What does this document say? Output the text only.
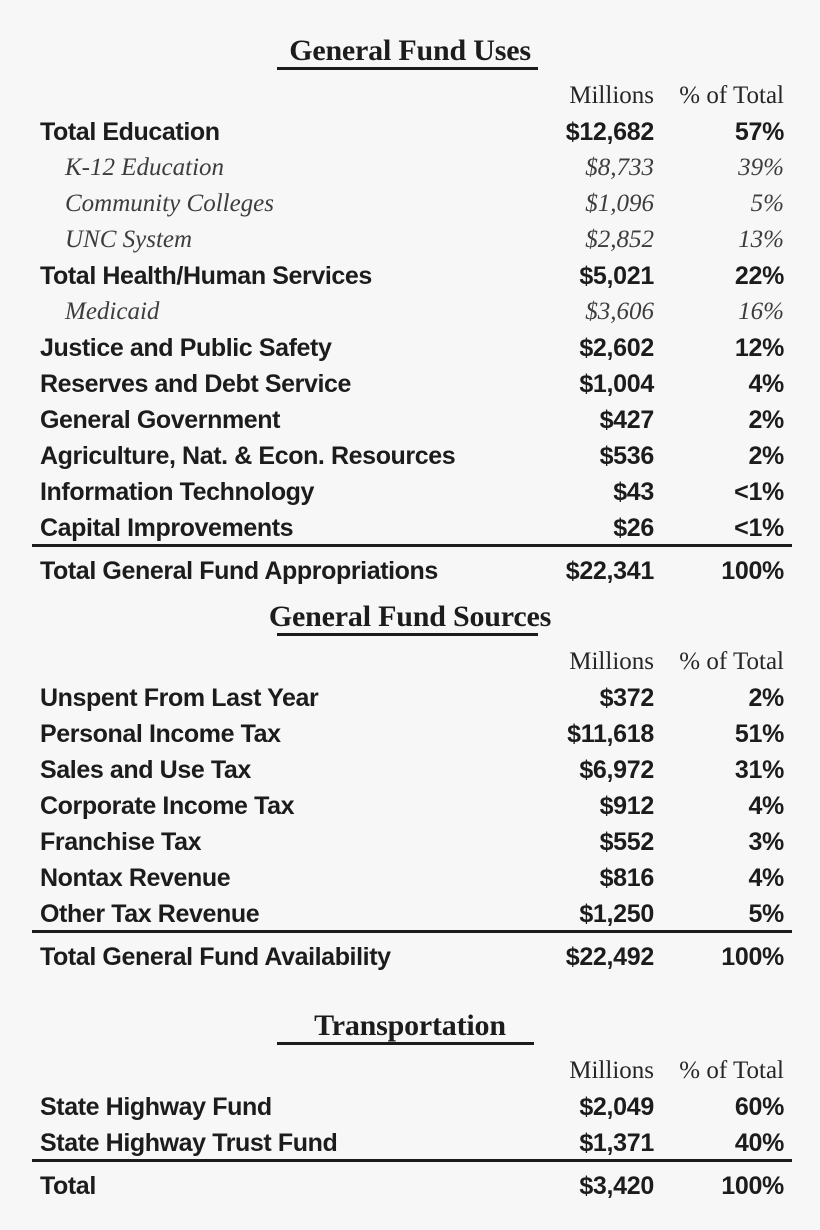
General Fund Uses
	Millions	% of Total
Total Education	$12,682	57%
K-12 Education	$8,733	39%
Community Colleges	$1,096	5%
UNC System	$2,852	13%
Total Health/Human Services	$5,021	22%
Medicaid	$3,606	16%
Justice and Public Safety	$2,602	12%
Reserves and Debt Service	$1,004	4%
General Government	$427	2%
Agriculture, Nat. & Econ. Resources	$536	2%
Information Technology	$43	<1%
Capital Improvements	$26	<1%
Total General Fund Appropriations	$22,341	100%
General Fund Sources
	Millions	% of Total
Unspent From Last Year	$372	2%
Personal Income Tax	$11,618	51%
Sales and Use Tax	$6,972	31%
Corporate Income Tax	$912	4%
Franchise Tax	$552	3%
Nontax Revenue	$816	4%
Other Tax Revenue	$1,250	5%
Total General Fund Availability	$22,492	100%
Transportation
	Millions	% of Total
State Highway Fund	$2,049	60%
State Highway Trust Fund	$1,371	40%
Total	$3,420	100%
